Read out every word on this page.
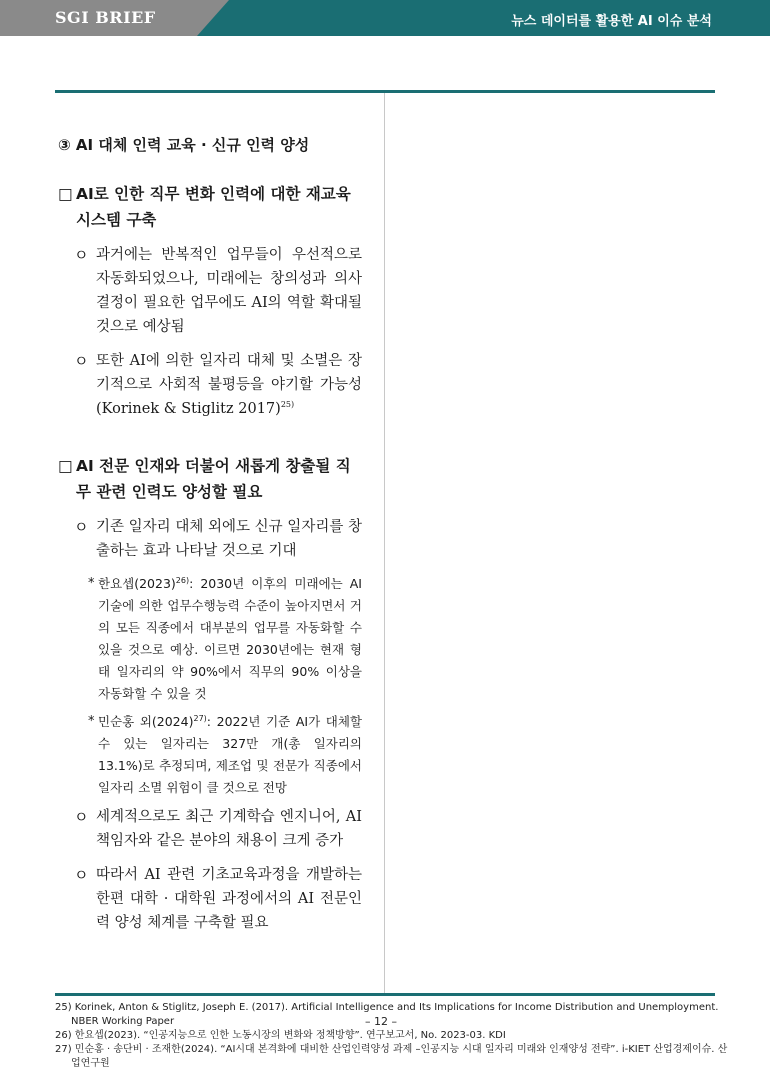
SGI BRIEF	뉴스 데이터를 활용한 AI 이슈 분석
③ AI 대체 인력 교육 · 신규 인력 양성
□ AI로 인한 직무 변화 인력에 대한 재교육 시스템 구축
ㅇ 과거에는 반복적인 업무들이 우선적으로 자동화되었으나, 미래에는 창의성과 의사결정이 필요한 업무에도 AI의 역할 확대될 것으로 예상됨
ㅇ 또한 AI에 의한 일자리 대체 및 소멸은 장기적으로 사회적 불평등을 야기할 가능성 (Korinek & Stiglitz 2017)$^{25)}$
□ AI 전문 인재와 더불어 새롭게 창출될 직무 관련 인력도 양성할 필요
ㅇ 기존 일자리 대체 외에도 신규 일자리를 창출하는 효과 나타날 것으로 기대
* 한요셉$(2023)^{26)}$: 2030년 이후의 미래에는 AI 기술에 의한 업무수행능력 수준이 높아지면서 거의 모든 직종에서 대부분의 업무를 자동화할 수 있을 것으로 예상. 이르면 2030년에는 현재 형태 일자리의 약 90%에서 직무의 90% 이상을 자동화할 수 있을 것
* 민순홍 외$(2024)^{27)}$: 2022년 기준 AI가 대체할 수 있는 일자리는 327만 개(총 일자리의 13.1%)로 추정되며, 제조업 및 전문가 직종에서 일자리 소멸 위험이 클 것으로 전망
ㅇ 세계적으로도 최근 기계학습 엔지니어, AI 책임자와 같은 분야의 채용이 크게 증가
ㅇ 따라서 AI 관련 기초교육과정을 개발하는 한편 대학 · 대학원 과정에서의 AI 전문인력 양성 체계를 구축할 필요
25) Korinek, Anton & Stiglitz, Joseph E. (2017). Artificial Intelligence and Its Implications for Income Distribution and Unemployment. NBER Working Paper	– 12 –
26) 한요셉(2023). “인공지능으로 인한 노동시장의 변화와 정책방향”. 연구보고서, No. 2023-03. KDI
27) 민순홍 · 송단비 · 조재한(2024). “AI시대 본격화에 대비한 산업인력양성 과제 –인공지능 시대 일자리 미래와 인재양성 전략”. i-KIET 산업경제이슈. 산업연구원
